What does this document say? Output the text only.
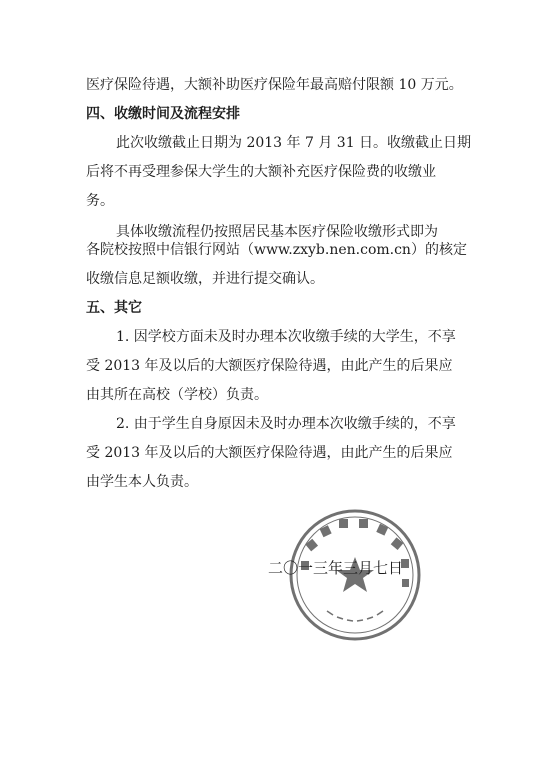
医疗保险待遇，大额补助医疗保险年最高赔付限额 10 万元。
四、收缴时间及流程安排
此次收缴截止日期为 2013 年 7 月 31 日。收缴截止日期
后将不再受理参保大学生的大额补充医疗保险费的收缴业
务。
具体收缴流程仍按照居民基本医疗保险收缴形式即为
各院校按照中信银行网站（www.zxyb.nen.com.cn）的核定
收缴信息足额收缴，并进行提交确认。
五、其它
1. 因学校方面未及时办理本次收缴手续的大学生，不享
受 2013 年及以后的大额医疗保险待遇，由此产生的后果应
由其所在高校（学校）负责。
2. 由于学生自身原因未及时办理本次收缴手续的，不享
受 2013 年及以后的大额医疗保险待遇，由此产生的后果应
由学生本人负责。
二〇一三年三月七日
